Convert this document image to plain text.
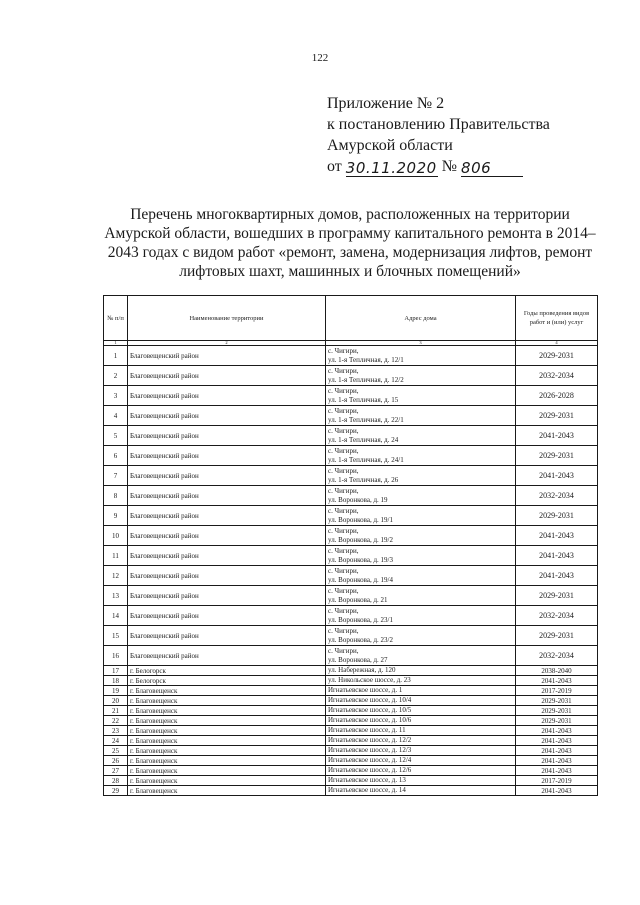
122
Приложение № 2
к постановлению Правительства
Амурской области
от 30.11.2020 № 806
Перечень многоквартирных домов, расположенных на территории Амурской области, вошедших в программу капитального ремонта в 2014–2043 годах с видом работ «ремонт, замена, модернизация лифтов, ремонт лифтовых шахт, машинных и блочных помещений»
№ п/п	Наименование территории	Адрес дома	Годы проведения видов работ и (или) услуг
1	2	3	4
1	Благовещенский район	с. Чигири,
ул. 1-я Тепличная, д. 12/1	2029-2031
2	Благовещенский район	с. Чигири,
ул. 1-я Тепличная, д. 12/2	2032-2034
3	Благовещенский район	с. Чигири,
ул. 1-я Тепличная, д. 15	2026-2028
4	Благовещенский район	с. Чигири,
ул. 1-я Тепличная, д. 22/1	2029-2031
5	Благовещенский район	с. Чигири,
ул. 1-я Тепличная, д. 24	2041-2043
6	Благовещенский район	с. Чигири,
ул. 1-я Тепличная, д. 24/1	2029-2031
7	Благовещенский район	с. Чигири,
ул. 1-я Тепличная, д. 26	2041-2043
8	Благовещенский район	с. Чигири,
ул. Воронкова, д. 19	2032-2034
9	Благовещенский район	с. Чигири,
ул. Воронкова, д. 19/1	2029-2031
10	Благовещенский район	с. Чигири,
ул. Воронкова, д. 19/2	2041-2043
11	Благовещенский район	с. Чигири,
ул. Воронкова, д. 19/3	2041-2043
12	Благовещенский район	с. Чигири,
ул. Воронкова, д. 19/4	2041-2043
13	Благовещенский район	с. Чигири,
ул. Воронкова, д. 21	2029-2031
14	Благовещенский район	с. Чигири,
ул. Воронкова, д. 23/1	2032-2034
15	Благовещенский район	с. Чигири,
ул. Воронкова, д. 23/2	2029-2031
16	Благовещенский район	с. Чигири,
ул. Воронкова, д. 27	2032-2034
17	г. Белогорск	ул. Набережная, д. 120	2038-2040
18	г. Белогорск	ул. Никольское шоссе, д. 23	2041-2043
19	г. Благовещенск	Игнатьевское шоссе, д. 1	2017-2019
20	г. Благовещенск	Игнатьевское шоссе, д. 10/4	2029-2031
21	г. Благовещенск	Игнатьевское шоссе, д. 10/5	2029-2031
22	г. Благовещенск	Игнатьевское шоссе, д. 10/6	2029-2031
23	г. Благовещенск	Игнатьевское шоссе, д. 11	2041-2043
24	г. Благовещенск	Игнатьевское шоссе, д. 12/2	2041-2043
25	г. Благовещенск	Игнатьевское шоссе, д. 12/3	2041-2043
26	г. Благовещенск	Игнатьевское шоссе, д. 12/4	2041-2043
27	г. Благовещенск	Игнатьевское шоссе, д. 12/6	2041-2043
28	г. Благовещенск	Игнатьевское шоссе, д. 13	2017-2019
29	г. Благовещенск	Игнатьевское шоссе, д. 14	2041-2043
